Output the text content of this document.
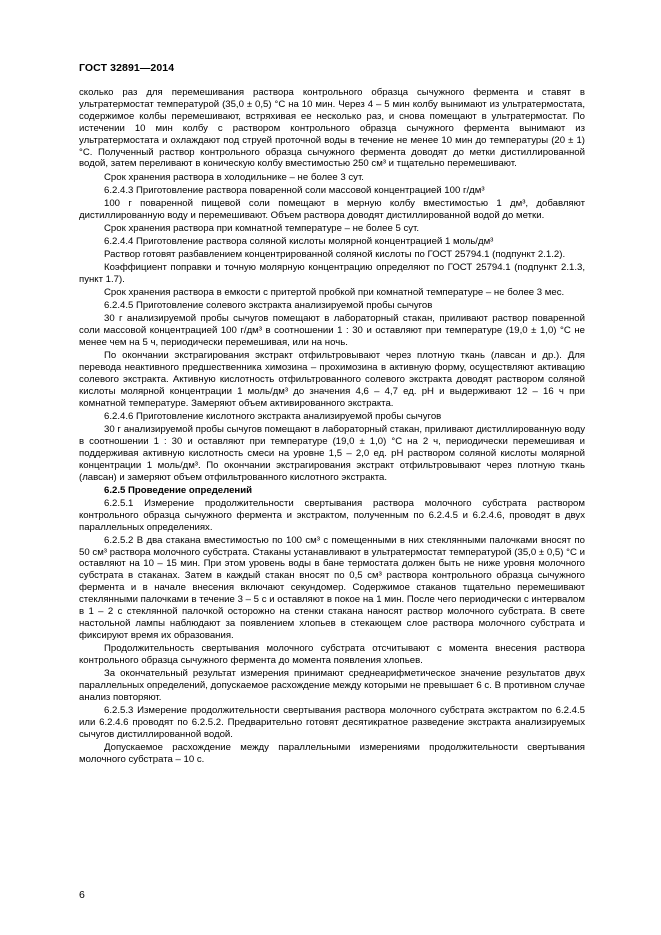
ГОСТ 32891—2014

сколько раз для перемешивания раствора контрольного образца сычужного фермента и ставят в ультратермостат температурой (35,0 ± 0,5) °С на 10 мин. Через 4 – 5 мин колбу вынимают из ультратермостата, содержимое колбы перемешивают, встряхивая ее несколько раз, и снова помещают в ультратермостат. По истечении 10 мин колбу с раствором контрольного образца сычужного фермента вынимают из ультратермостата и охлаждают под струей проточной воды в течение не менее 10 мин до температуры (20 ± 1) °С. Полученный раствор контрольного образца сычужного фермента доводят до метки дистиллированной водой, затем переливают в коническую колбу вместимостью 250 см³ и тщательно перемешивают.

Срок хранения раствора в холодильнике – не более 3 сут.

6.2.4.3 Приготовление раствора поваренной соли массовой концентрацией 100 г/дм³

100 г поваренной пищевой соли помещают в мерную колбу вместимостью 1 дм³, добавляют дистиллированную воду и перемешивают. Объем раствора доводят дистиллированной водой до метки.

Срок хранения раствора при комнатной температуре – не более 5 сут.

6.2.4.4 Приготовление раствора соляной кислоты молярной концентрацией 1 моль/дм³

Раствор готовят разбавлением концентрированной соляной кислоты по ГОСТ 25794.1 (подпункт 2.1.2).

Коэффициент поправки и точную молярную концентрацию определяют по ГОСТ 25794.1 (подпункт 2.1.3, пункт 1.7).

Срок хранения раствора в емкости с притертой пробкой при комнатной температуре – не более 3 мес.

6.2.4.5 Приготовление солевого экстракта анализируемой пробы сычугов

30 г анализируемой пробы сычугов помещают в лабораторный стакан, приливают раствор поваренной соли массовой концентрацией 100 г/дм³ в соотношении 1 : 30 и оставляют при температуре (19,0 ± 1,0) °С не менее чем на 5 ч, периодически перемешивая, или на ночь.

По окончании экстрагирования экстракт отфильтровывают через плотную ткань (лавсан и др.). Для перевода неактивного предшественника химозина – прохимозина в активную форму, осуществляют активацию солевого экстракта. Активную кислотность отфильтрованного солевого экстракта доводят раствором соляной кислоты молярной концентрации 1 моль/дм³ до значения 4,6 – 4,7 ед. pH и выдерживают 12 – 16 ч при комнатной температуре. Замеряют объем активированного экстракта.

6.2.4.6 Приготовление кислотного экстракта анализируемой пробы сычугов

30 г анализируемой пробы сычугов помещают в лабораторный стакан, приливают дистиллированную воду в соотношении 1 : 30 и оставляют при температуре (19,0 ± 1,0) °С на 2 ч, периодически перемешивая и поддерживая активную кислотность смеси на уровне 1,5 – 2,0 ед. pH раствором соляной кислоты молярной концентрации 1 моль/дм³. По окончании экстрагирования экстракт отфильтровывают через плотную ткань (лавсан) и замеряют объем отфильтрованного кислотного экстракта.

6.2.5 Проведение определений

6.2.5.1 Измерение продолжительности свертывания раствора молочного субстрата раствором контрольного образца сычужного фермента и экстрактом, полученным по 6.2.4.5 и 6.2.4.6, проводят в двух параллельных определениях.

6.2.5.2 В два стакана вместимостью по 100 см³ с помещенными в них стеклянными палочками вносят по 50 см³ раствора молочного субстрата. Стаканы устанавливают в ультратермостат температурой (35,0 ± 0,5) °С и оставляют на 10 – 15 мин. При этом уровень воды в бане термостата должен быть не ниже уровня молочного субстрата в стаканах. Затем в каждый стакан вносят по 0,5 см³ раствора контрольного образца сычужного фермента и в начале внесения включают секундомер. Содержимое стаканов тщательно перемешивают стеклянными палочками в течение 3 – 5 с и оставляют в покое на 1 мин. После чего периодически с интервалом в 1 – 2 с стеклянной палочкой осторожно на стенки стакана наносят раствор молочного субстрата. В свете настольной лампы наблюдают за появлением хлопьев в стекающем слое раствора молочного субстрата и фиксируют время их образования.

Продолжительность свертывания молочного субстрата отсчитывают с момента внесения раствора контрольного образца сычужного фермента до момента появления хлопьев.

За окончательный результат измерения принимают среднеарифметическое значение результатов двух параллельных определений, допускаемое расхождение между которыми не превышает 6 с. В противном случае анализ повторяют.

6.2.5.3 Измерение продолжительности свертывания раствора молочного субстрата экстрактом по 6.2.4.5 или 6.2.4.6 проводят по 6.2.5.2. Предварительно готовят десятикратное разведение экстракта анализируемых сычугов дистиллированной водой.

Допускаемое расхождение между параллельными измерениями продолжительности свертывания молочного субстрата – 10 с.

6
